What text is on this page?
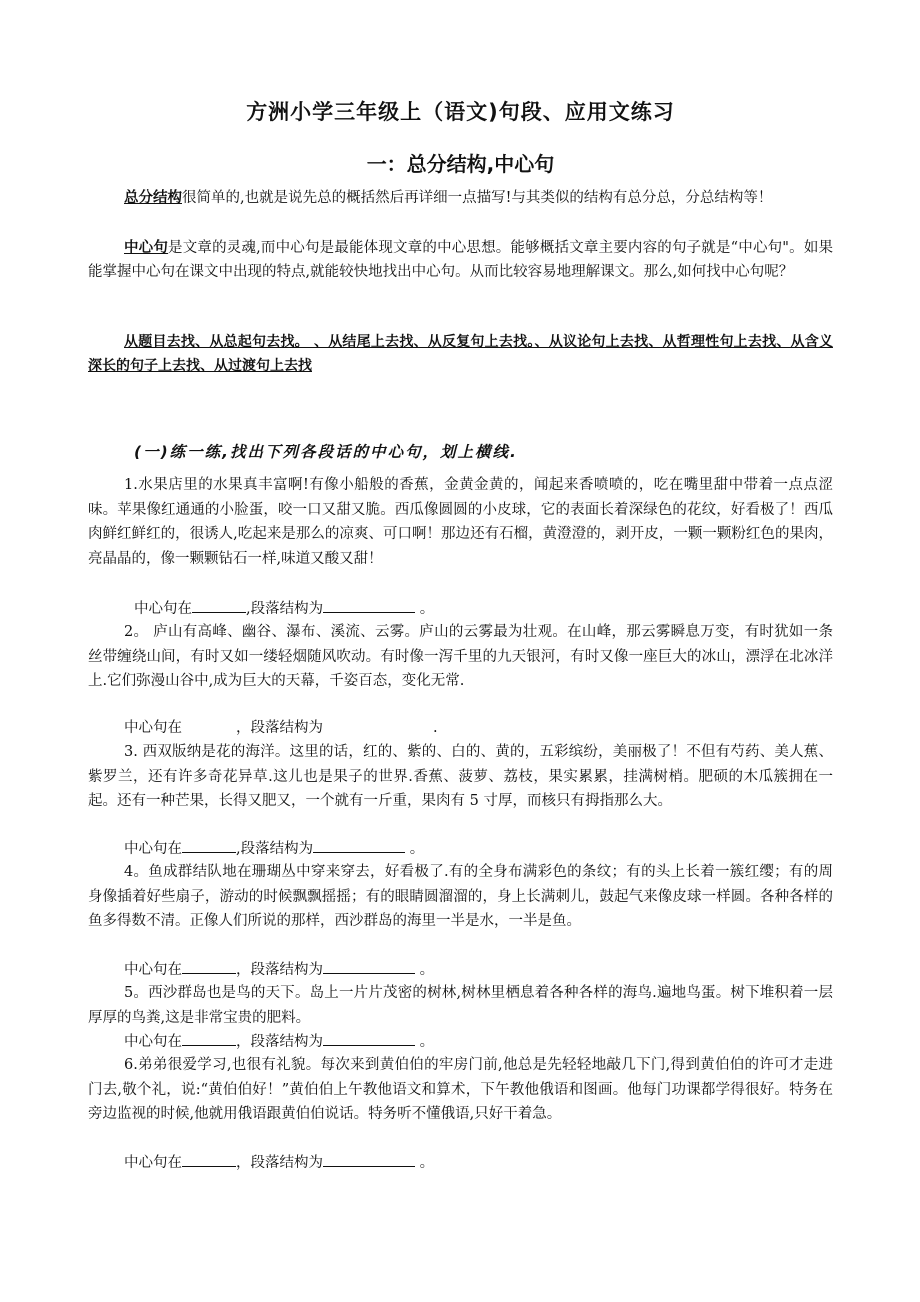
方洲小学三年级上（语文)句段、应用文练习
一：总分结构,中心句
总分结构很简单的,也就是说先总的概括然后再详细一点描写!与其类似的结构有总分总，分总结构等！
中心句是文章的灵魂,而中心句是最能体现文章的中心思想。能够概括文章主要内容的句子就是“中心句"。如果能掌握中心句在课文中出现的特点,就能较快地找出中心句。从而比较容易地理解课文。那么,如何找中心句呢？
从题目去找、从总起句去找。 、从结尾上去找、从反复句上去找。、从议论句上去找、从哲理性句上去找、从含义深长的句子上去找、从过渡句上去找
(一)练一练,找出下列各段话的中心句，划上横线.
1.水果店里的水果真丰富啊!有像小船般的香蕉，金黄金黄的，闻起来香喷喷的，吃在嘴里甜中带着一点点涩味。苹果像红通通的小脸蛋，咬一口又甜又脆。西瓜像圆圆的小皮球，它的表面长着深绿色的花纹，好看极了！西瓜肉鲜红鲜红的，很诱人,吃起来是那么的凉爽、可口啊！那边还有石榴，黄澄澄的，剥开皮，一颗一颗粉红色的果肉，亮晶晶的，像一颗颗钻石一样,味道又酸又甜！
中心句在	,段落结构为	。
2。 庐山有高峰、幽谷、瀑布、溪流、云雾。庐山的云雾最为壮观。在山峰，那云雾瞬息万变，有时犹如一条丝带缠绕山间，有时又如一缕轻烟随风吹动。有时像一泻千里的九天银河，有时又像一座巨大的冰山，漂浮在北冰洋上.它们弥漫山谷中,成为巨大的天幕，千姿百态，变化无常.
中心句在	，段落结构为	.
3. 西双版纳是花的海洋。这里的话，红的、紫的、白的、黄的，五彩缤纷，美丽极了！不但有芍药、美人蕉、紫罗兰，还有许多奇花异草.这儿也是果子的世界.香蕉、菠萝、荔枝，果实累累，挂满树梢。肥硕的木瓜簇拥在一起。还有一种芒果，长得又肥又，一个就有一斤重，果肉有 5 寸厚，而核只有拇指那么大。
中心句在	,段落结构为	。
4。鱼成群结队地在珊瑚丛中穿来穿去，好看极了.有的全身布满彩色的条纹；有的头上长着一簇红缨；有的周身像插着好些扇子，游动的时候飘飘摇摇；有的眼睛圆溜溜的，身上长满刺儿，鼓起气来像皮球一样圆。各种各样的鱼多得数不清。正像人们所说的那样，西沙群岛的海里一半是水，一半是鱼。
中心句在	，段落结构为	。
5。西沙群岛也是鸟的天下。岛上一片片茂密的树林,树林里栖息着各种各样的海鸟.遍地鸟蛋。树下堆积着一层厚厚的鸟粪,这是非常宝贵的肥料。
中心句在	，段落结构为	。
6.弟弟很爱学习,也很有礼貌。每次来到黄伯伯的牢房门前,他总是先轻轻地敲几下门,得到黄伯伯的许可才走进门去,敬个礼，说:“黄伯伯好！”黄伯伯上午教他语文和算术，下午教他俄语和图画。他每门功课都学得很好。特务在旁边监视的时候,他就用俄语跟黄伯伯说话。特务听不懂俄语,只好干着急。
中心句在	，段落结构为	。
